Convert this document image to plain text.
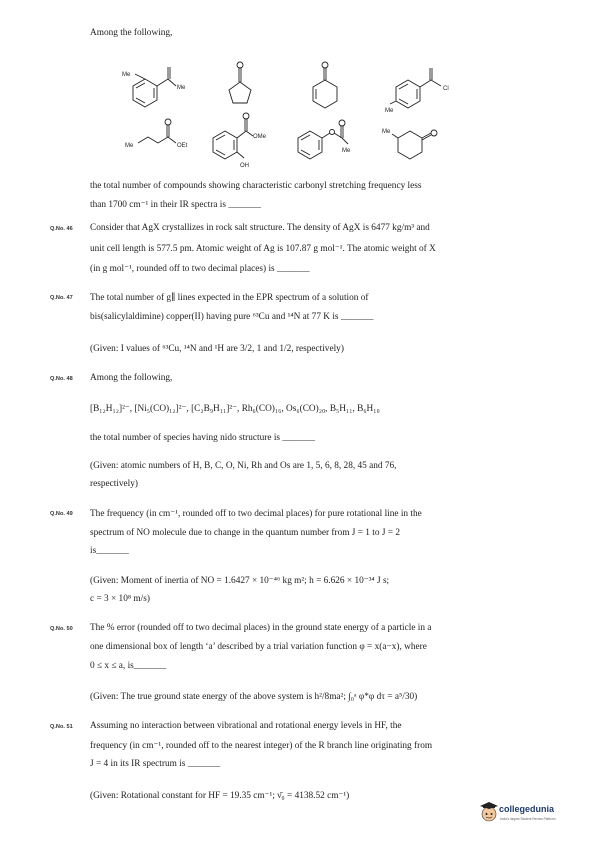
Among the following,
Me
Me
Me
Cl
Me	OEt
OMe
OH
Me
Me
the total number of compounds showing characteristic carbonyl stretching frequency less
than 1700 cm⁻¹ in their IR spectra is _______
Q.No. 46 Consider that AgX crystallizes in rock salt structure. The density of AgX is 6477 kg/m³ and
unit cell length is 577.5 pm. Atomic weight of Ag is 107.87 g mol⁻¹. The atomic weight of X
(in g mol⁻¹, rounded off to two decimal places) is _______
Q.No. 47 The total number of g∥ lines expected in the EPR spectrum of a solution of
bis(salicylaldimine) copper(II) having pure ⁶³Cu and ¹⁴N at 77 K is _______
(Given: I values of ⁶³Cu, ¹⁴N and ¹H are 3/2, 1 and 1/2, respectively)
Q.No. 48 Among the following,
[B₁₂H₁₂]²⁻, [Ni₅(CO)₁₂]²⁻, [C₂B₉H₁₁]²⁻, Rh₆(CO)₁₆, Os₆(CO)₂₀, B₅H₁₁, B₆H₁₀
the total number of species having nido structure is _______
(Given: atomic numbers of H, B, C, O, Ni, Rh and Os are 1, 5, 6, 8, 28, 45 and 76,
respectively)
Q.No. 49 The frequency (in cm⁻¹, rounded off to two decimal places) for pure rotational line in the
spectrum of NO molecule due to change in the quantum number from J = 1 to J = 2
is_______
(Given: Moment of inertia of NO = 1.6427 × 10⁻⁴⁶ kg m²; h = 6.626 × 10⁻³⁴ J s;
c = 3 × 10⁸ m/s)
Q.No. 50 The % error (rounded off to two decimal places) in the ground state energy of a particle in a
one dimensional box of length ‘a’ described by a trial variation function φ = x(a−x), where
0 ≤ x ≤ a, is_______
(Given: The true ground state energy of the above system is h²/8ma²; ∫₀ᵃ φ*φ dτ = a⁵/30)
Q.No. 51 Assuming no interaction between vibrational and rotational energy levels in HF, the
frequency (in cm⁻¹, rounded off to the nearest integer) of the R branch line originating from
J = 4 in its IR spectrum is _______
(Given: Rotational constant for HF = 19.35 cm⁻¹; ν̄₀ = 4138.52 cm⁻¹)
collegedunia
India's largest Student Review Platform
